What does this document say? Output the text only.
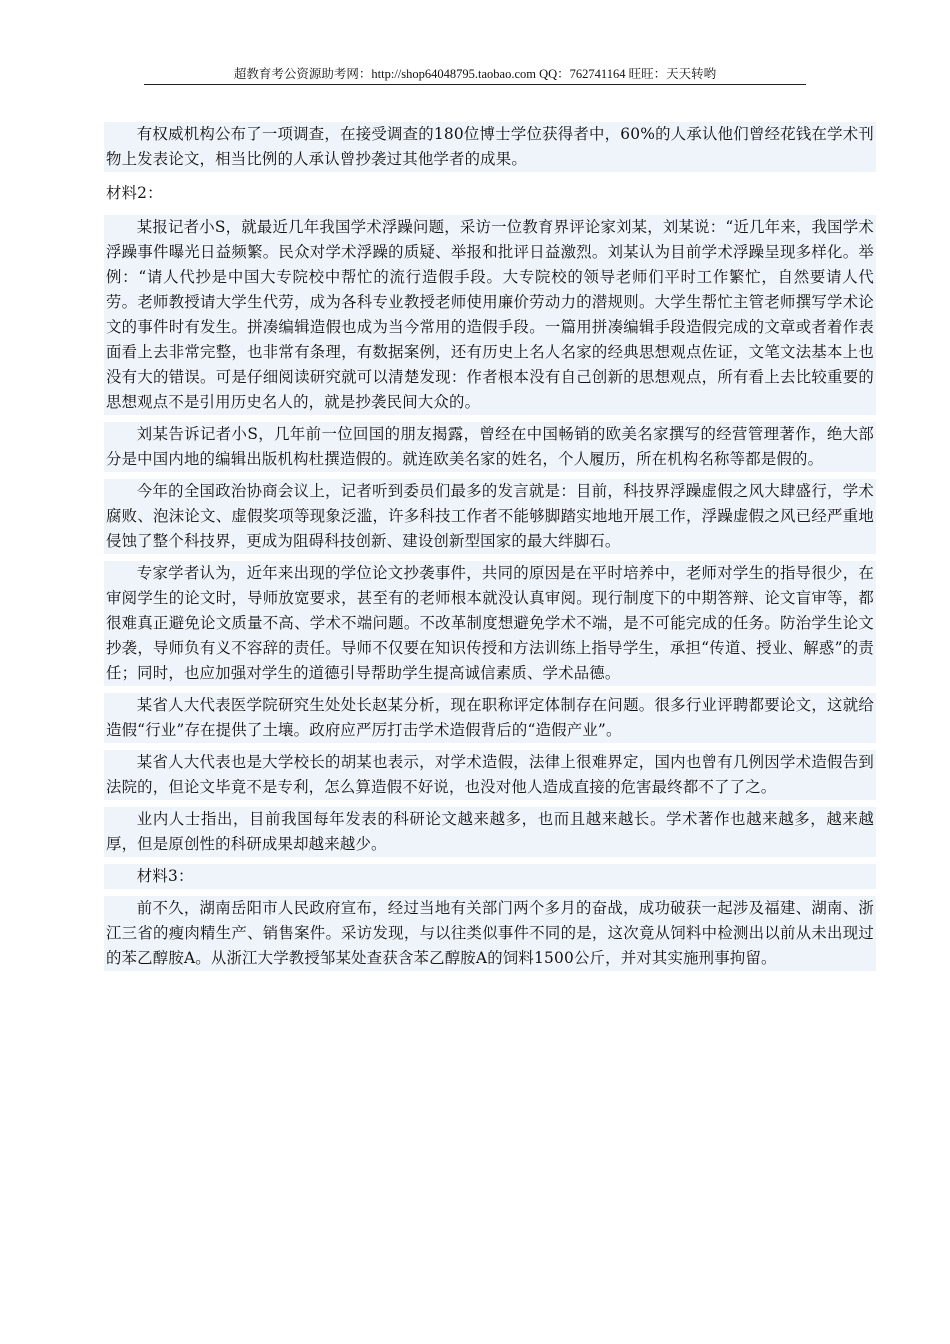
超教育考公资源助考网：http://shop64048795.taobao.com QQ：762741164 旺旺：天天转哟

有权威机构公布了一项调查，在接受调查的180位博士学位获得者中，60%的人承认他们曾经花钱在学术刊物上发表论文，相当比例的人承认曾抄袭过其他学者的成果。

材料2：

某报记者小S，就最近几年我国学术浮躁问题，采访一位教育界评论家刘某，刘某说：“近几年来，我国学术浮躁事件曝光日益频繁。民众对学术浮躁的质疑、举报和批评日益激烈。刘某认为目前学术浮躁呈现多样化。举例：“请人代抄是中国大专院校中帮忙的流行造假手段。大专院校的领导老师们平时工作繁忙，自然要请人代劳。老师教授请大学生代劳，成为各科专业教授老师使用廉价劳动力的潜规则。大学生帮忙主管老师撰写学术论文的事件时有发生。拼凑编辑造假也成为当今常用的造假手段。一篇用拼凑编辑手段造假完成的文章或者着作表面看上去非常完整，也非常有条理，有数据案例，还有历史上名人名家的经典思想观点佐证，文笔文法基本上也没有大的错误。可是仔细阅读研究就可以清楚发现：作者根本没有自己创新的思想观点，所有看上去比较重要的思想观点不是引用历史名人的，就是抄袭民间大众的。

刘某告诉记者小S，几年前一位回国的朋友揭露，曾经在中国畅销的欧美名家撰写的经营管理著作，绝大部分是中国内地的编辑出版机构杜撰造假的。就连欧美名家的姓名，个人履历，所在机构名称等都是假的。

今年的全国政治协商会议上，记者听到委员们最多的发言就是：目前，科技界浮躁虚假之风大肆盛行，学术腐败、泡沫论文、虚假奖项等现象泛滥，许多科技工作者不能够脚踏实地地开展工作，浮躁虚假之风已经严重地侵蚀了整个科技界，更成为阻碍科技创新、建设创新型国家的最大绊脚石。

专家学者认为，近年来出现的学位论文抄袭事件，共同的原因是在平时培养中，老师对学生的指导很少，在审阅学生的论文时，导师放宽要求，甚至有的老师根本就没认真审阅。现行制度下的中期答辩、论文盲审等，都很难真正避免论文质量不高、学术不端问题。不改革制度想避免学术不端，是不可能完成的任务。防治学生论文抄袭，导师负有义不容辞的责任。导师不仅要在知识传授和方法训练上指导学生，承担“传道、授业、解惑”的责任；同时，也应加强对学生的道德引导帮助学生提高诚信素质、学术品德。

某省人大代表医学院研究生处处长赵某分析，现在职称评定体制存在问题。很多行业评聘都要论文，这就给造假“行业”存在提供了土壤。政府应严厉打击学术造假背后的“造假产业”。

某省人大代表也是大学校长的胡某也表示，对学术造假，法律上很难界定，国内也曾有几例因学术造假告到法院的，但论文毕竟不是专利，怎么算造假不好说，也没对他人造成直接的危害最终都不了了之。

业内人士指出，目前我国每年发表的科研论文越来越多，也而且越来越长。学术著作也越来越多，越来越厚，但是原创性的科研成果却越来越少。

材料3：

前不久，湖南岳阳市人民政府宣布，经过当地有关部门两个多月的奋战，成功破获一起涉及福建、湖南、浙江三省的瘦肉精生产、销售案件。采访发现，与以往类似事件不同的是，这次竟从饲料中检测出以前从未出现过的苯乙醇胺A。从浙江大学教授邹某处查获含苯乙醇胺A的饲料1500公斤，并对其实施刑事拘留。
